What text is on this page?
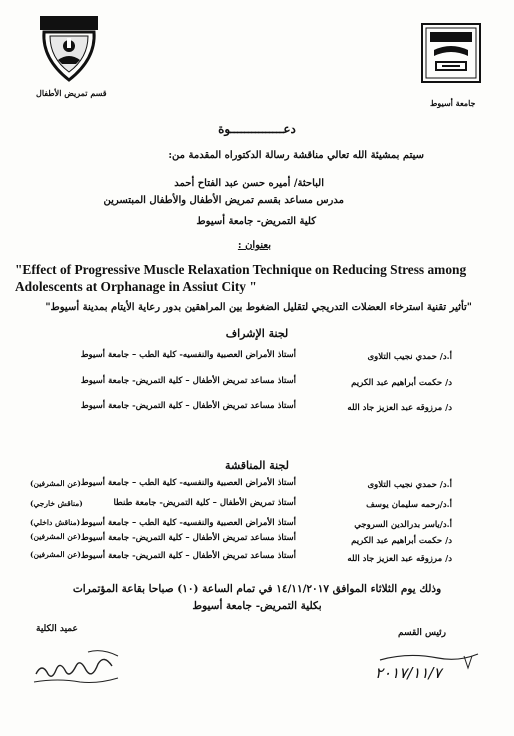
قسم تمريض الأطفال
جامعة أسيوط
دعـــــــــــــــوة
سيتم بمشيئة الله تعالي مناقشة رسالة الدكتوراه المقدمة من:
الباحثة/ أميره حسن عبد الفتاح أحمد
مدرس مساعد بقسم تمريض الأطفال والأطفال المبتسرين
كلية التمريض- جامعة أسيوط
بعنوان :
"Effect of Progressive Muscle Relaxation Technique on Reducing Stress among Adolescents at Orphanage in Assiut City "
"تأثير تقنية استرخاء العضلات التدريجي لتقليل الضغوط بين المراهقين بدور رعاية الأيتام بمدينة أسيوط"
لجنة الإشراف
أ.د/ حمدي نجيب التلاوى
أستاذ الأمراض العصبية والنفسيه- كلية الطب – جامعة أسيوط
د/ حكمت أبراهيم عبد الكريم
أستاذ مساعد تمريض الأطفال – كلية التمريض- جامعة أسيوط
د/ مرزوقه عبد العزيز جاد الله
أستاذ مساعد تمريض الأطفال – كلية التمريض- جامعة أسيوط
لجنة المناقشة
أ.د/ حمدي نجيب التلاوى
أستاذ الأمراض العصبية والنفسيه- كلية الطب – جامعة أسيوط
(عن المشرفين)
أ.د/رحمه سليمان يوسف
أستاذ تمريض الأطفال – كلية التمريض- جامعة طنطا
(مناقش خارجي)
أ.د/ياسر بدرالدين السروجي
أستاذ الأمراض العصبية والنفسيه- كلية الطب – جامعة أسيوط
(مناقش داخلي)
د/ حكمت أبراهيم عبد الكريم
أستاذ مساعد تمريض الأطفال – كلية التمريض- جامعة أسيوط
(عن المشرفين)
د/ مرزوقه عبد العزيز جاد الله
أستاذ مساعد تمريض الأطفال – كلية التمريض- جامعة أسيوط
(عن المشرفين)
وذلك يوم الثلاثاء الموافق ١٤/١١/٢٠١٧ في تمام الساعة (١٠) صباحا بقاعة المؤتمرات
بكلية التمريض- جامعة أسيوط
عميد الكلية	رئيس القسم
٢٠١٧/١١/٧
